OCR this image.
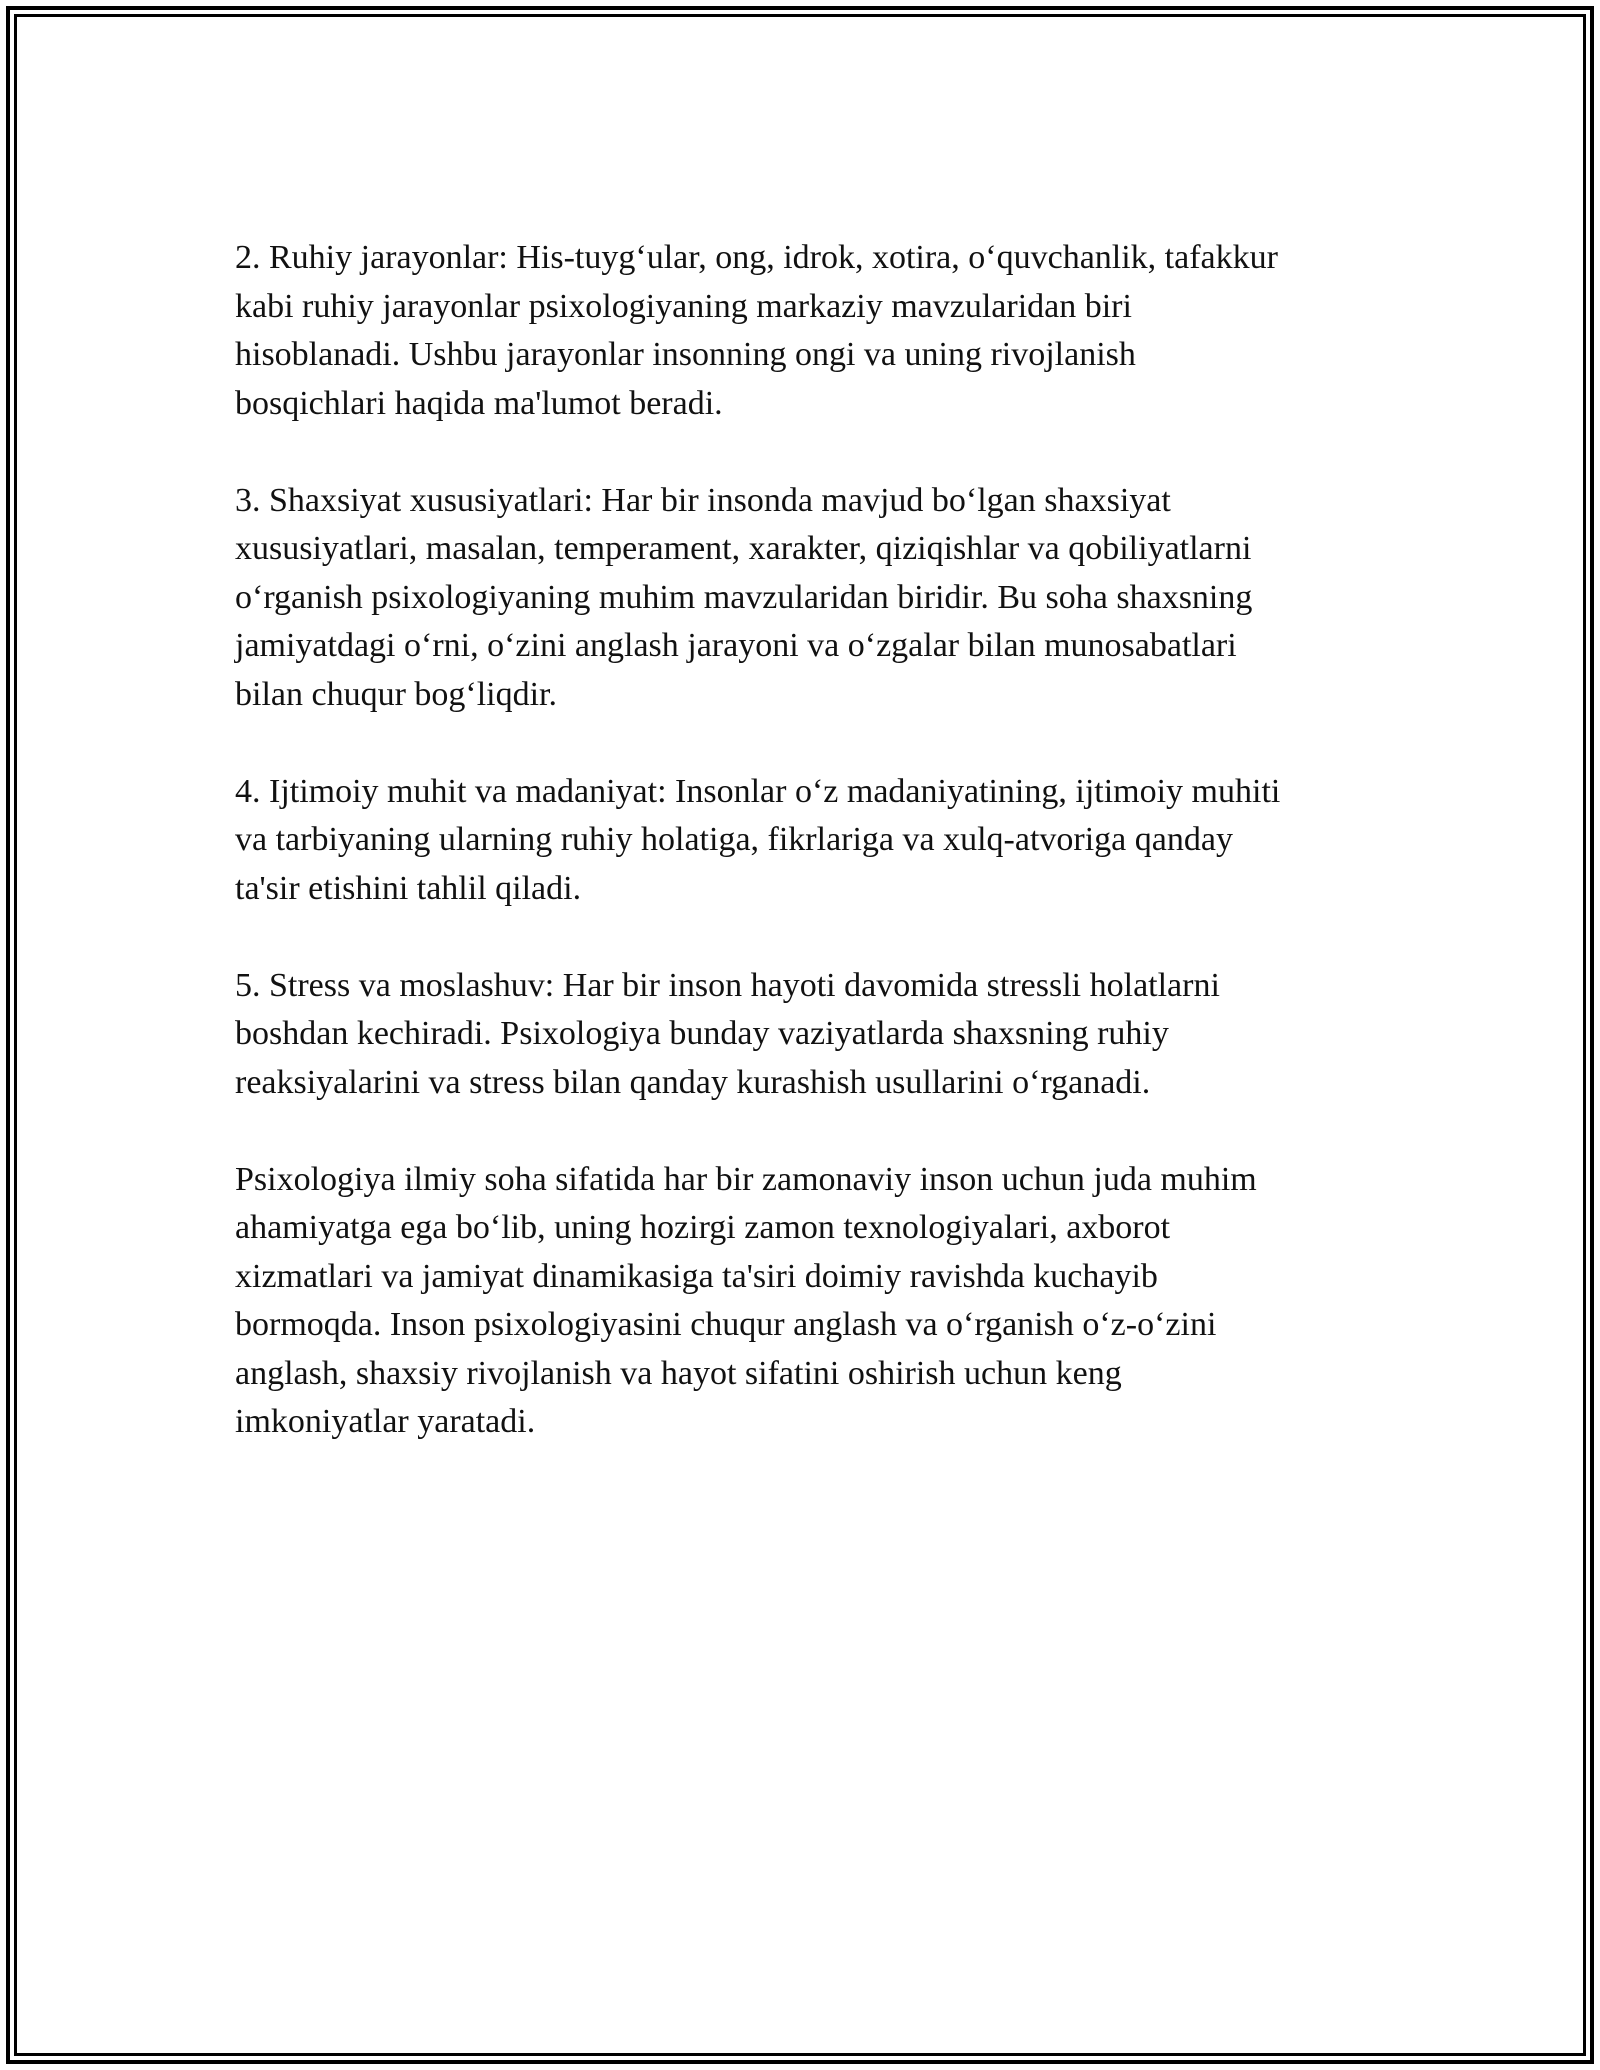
2. Ruhiy jarayonlar: His-tuyg‘ular, ong, idrok, xotira, o‘quvchanlik, tafakkur
kabi ruhiy jarayonlar psixologiyaning markaziy mavzularidan biri
hisoblanadi. Ushbu jarayonlar insonning ongi va uning rivojlanish
bosqichlari haqida ma'lumot beradi.

3. Shaxsiyat xususiyatlari: Har bir insonda mavjud bo‘lgan shaxsiyat
xususiyatlari, masalan, temperament, xarakter, qiziqishlar va qobiliyatlarni
o‘rganish psixologiyaning muhim mavzularidan biridir. Bu soha shaxsning
jamiyatdagi o‘rni, o‘zini anglash jarayoni va o‘zgalar bilan munosabatlari
bilan chuqur bog‘liqdir.

4. Ijtimoiy muhit va madaniyat: Insonlar o‘z madaniyatining, ijtimoiy muhiti
va tarbiyaning ularning ruhiy holatiga, fikrlariga va xulq-atvoriga qanday
ta'sir etishini tahlil qiladi.

5. Stress va moslashuv: Har bir inson hayoti davomida stressli holatlarni
boshdan kechiradi. Psixologiya bunday vaziyatlarda shaxsning ruhiy
reaksiyalarini va stress bilan qanday kurashish usullarini o‘rganadi.

Psixologiya ilmiy soha sifatida har bir zamonaviy inson uchun juda muhim
ahamiyatga ega bo‘lib, uning hozirgi zamon texnologiyalari, axborot
xizmatlari va jamiyat dinamikasiga ta'siri doimiy ravishda kuchayib
bormoqda. Inson psixologiyasini chuqur anglash va o‘rganish o‘z-o‘zini
anglash, shaxsiy rivojlanish va hayot sifatini oshirish uchun keng
imkoniyatlar yaratadi.
